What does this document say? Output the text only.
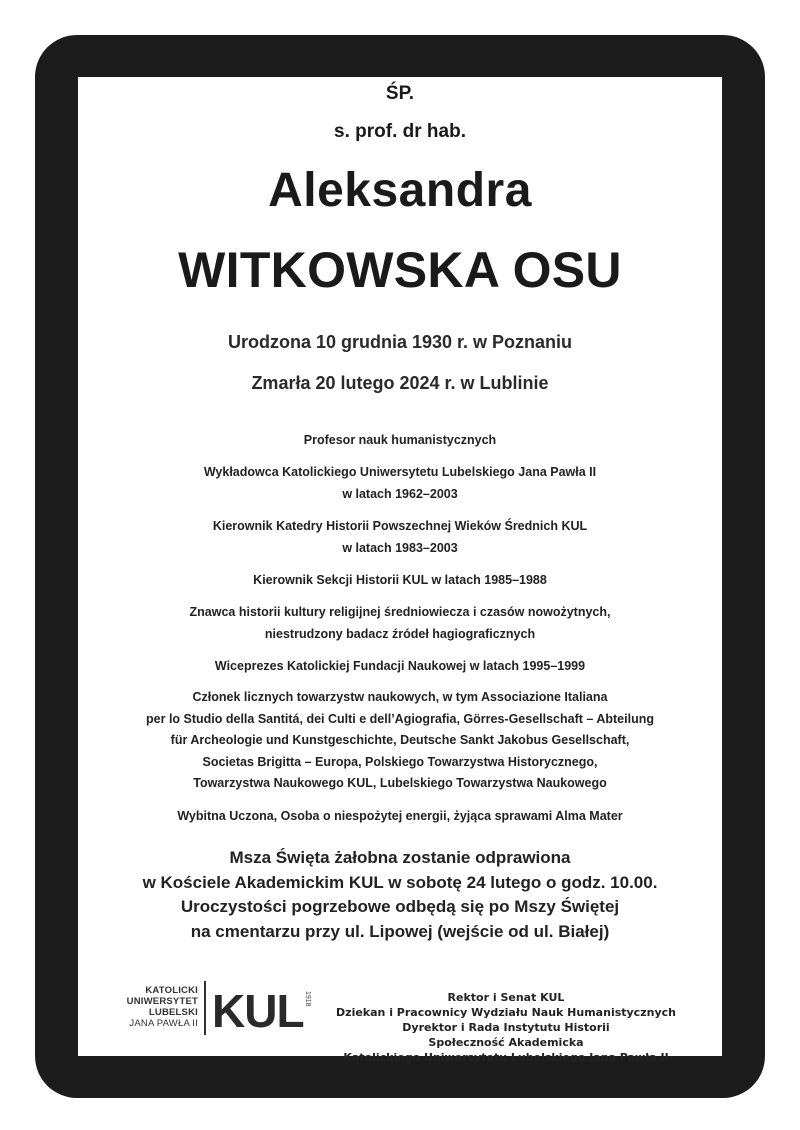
ŚP.
s. prof. dr hab.
Aleksandra
WITKOWSKA OSU
Urodzona 10 grudnia 1930 r. w Poznaniu
Zmarła 20 lutego 2024 r. w Lublinie

Profesor nauk humanistycznych

Wykładowca Katolickiego Uniwersytetu Lubelskiego Jana Pawła II
w latach 1962–2003

Kierownik Katedry Historii Powszechnej Wieków Średnich KUL
w latach 1983–2003

Kierownik Sekcji Historii KUL w latach 1985–1988

Znawca historii kultury religijnej średniowiecza i czasów nowożytnych,
niestrudzony badacz źródeł hagiograficznych

Wiceprezes Katolickiej Fundacji Naukowej w latach 1995–1999

Członek licznych towarzystw naukowych, w tym Associazione Italiana
per lo Studio della Santitá, dei Culti e dell’Agiografia, Görres-Gesellschaft – Abteilung
für Archeologie und Kunstgeschichte, Deutsche Sankt Jakobus Gesellschaft,
Societas Brigitta – Europa, Polskiego Towarzystwa Historycznego,
Towarzystwa Naukowego KUL, Lubelskiego Towarzystwa Naukowego

Wybitna Uczona, Osoba o niespożytej energii, żyjąca sprawami Alma Mater

Msza Święta żałobna zostanie odprawiona

w Kościele Akademickim KUL w sobotę 24 lutego o godz. 10.00.

Uroczystości pogrzebowe odbędą się po Mszy Świętej

na cmentarzu przy ul. Lipowej (wejście od ul. Białej)

KATOLICKI
UNIWERSYTET
LUBELSKI
JANA PAWŁA II KUL 1918	Rektor i Senat KUL

Dziekan i Pracownicy Wydziału Nauk Humanistycznych

Dyrektor i Rada Instytutu Historii

Społeczność Akademicka

Katolickiego Uniwersytetu Lubelskiego Jana Pawła II
